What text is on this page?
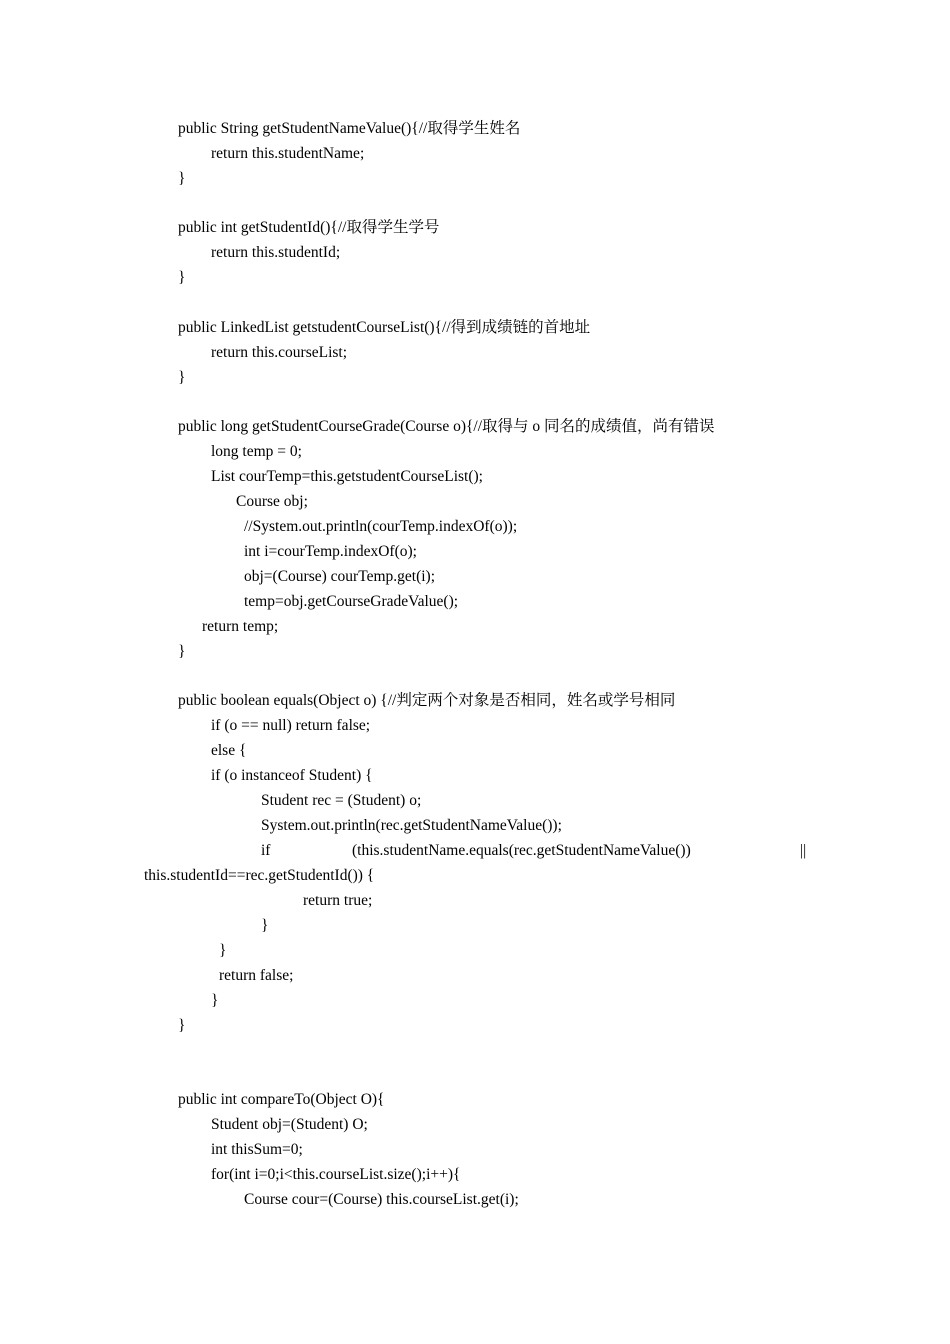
public String getStudentNameValue(){//取得学生姓名
return this.studentName;
}
public int getStudentId(){//取得学生学号
return this.studentId;
}
public LinkedList getstudentCourseList(){//得到成绩链的首地址
return this.courseList;
}
public long getStudentCourseGrade(Course o){//取得与 o 同名的成绩值，尚有错误
long temp = 0;
List courTemp=this.getstudentCourseList();
Course obj;
//System.out.println(courTemp.indexOf(o));
int i=courTemp.indexOf(o);
obj=(Course) courTemp.get(i);
temp=obj.getCourseGradeValue();
return temp;
}
public boolean equals(Object o) {//判定两个对象是否相同，姓名或学号相同
if (o == null) return false;
else {
if (o instanceof Student) {
Student rec = (Student) o;
System.out.println(rec.getStudentNameValue());
if	(this.studentName.equals(rec.getStudentNameValue())	||
this.studentId==rec.getStudentId()) {
return true;
}
}
return false;
}
}
public int compareTo(Object O){
Student obj=(Student) O;
int thisSum=0;
for(int i=0;i<this.courseList.size();i++){
Course cour=(Course) this.courseList.get(i);
